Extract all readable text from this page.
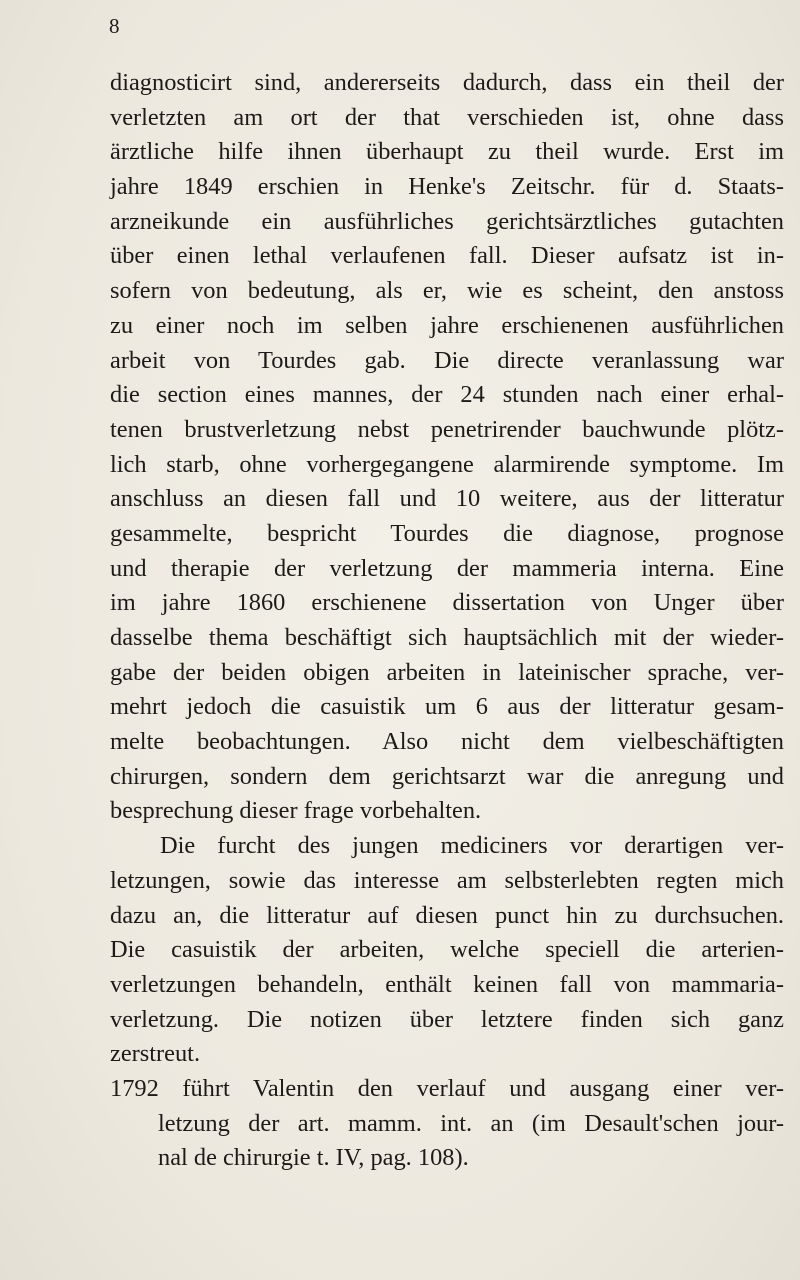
8
diagnosticirt sind, andererseits dadurch, dass ein theil der
verletzten am ort der that verschieden ist, ohne dass
ärztliche hilfe ihnen überhaupt zu theil wurde. Erst im
jahre 1849 erschien in Henke's Zeitschr. für d. Staats-
arzneikunde ein ausführliches gerichtsärztliches gutachten
über einen lethal verlaufenen fall. Dieser aufsatz ist in-
sofern von bedeutung, als er, wie es scheint, den anstoss
zu einer noch im selben jahre erschienenen ausführlichen
arbeit von Tourdes gab. Die directe veranlassung war
die section eines mannes, der 24 stunden nach einer erhal-
tenen brustverletzung nebst penetrirender bauchwunde plötz-
lich starb, ohne vorhergegangene alarmirende symptome. Im
anschluss an diesen fall und 10 weitere, aus der litteratur
gesammelte, bespricht Tourdes die diagnose, prognose
und therapie der verletzung der mammeria interna. Eine
im jahre 1860 erschienene dissertation von Unger über
dasselbe thema beschäftigt sich hauptsächlich mit der wieder-
gabe der beiden obigen arbeiten in lateinischer sprache, ver-
mehrt jedoch die casuistik um 6 aus der litteratur gesam-
melte beobachtungen. Also nicht dem vielbeschäftigten
chirurgen, sondern dem gerichtsarzt war die anregung und
besprechung dieser frage vorbehalten.
Die furcht des jungen mediciners vor derartigen ver-
letzungen, sowie das interesse am selbsterlebten regten mich
dazu an, die litteratur auf diesen punct hin zu durchsuchen.
Die casuistik der arbeiten, welche speciell die arterien-
verletzungen behandeln, enthält keinen fall von mammaria-
verletzung. Die notizen über letztere finden sich ganz
zerstreut.
1792 führt Valentin den verlauf und ausgang einer ver-
letzung der art. mamm. int. an (im Desault'schen jour-
nal de chirurgie t. IV, pag. 108).
